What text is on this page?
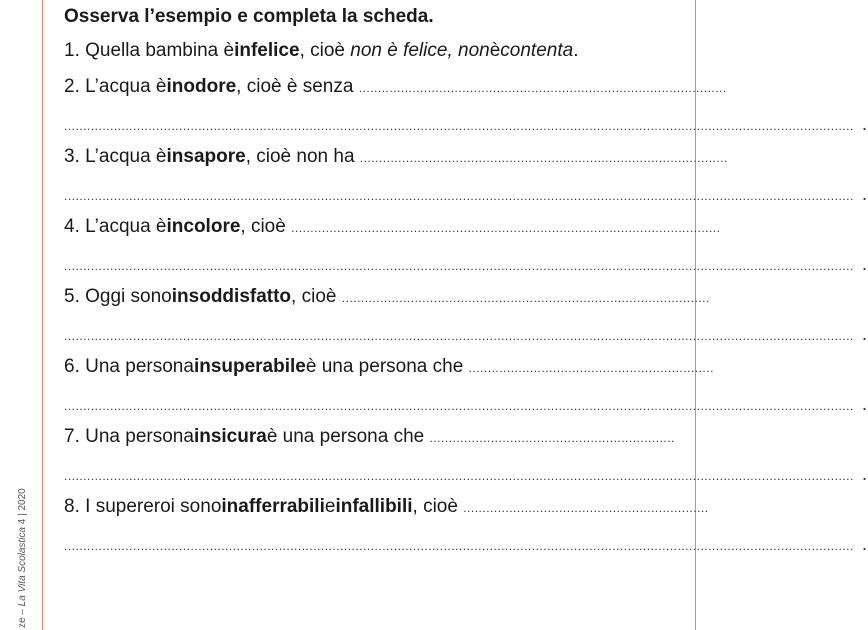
ze – La Vita Scolastica 4 | 2020
Osserva l’esempio e completa la scheda.
1.
Quella bambina è infelice , cioè
non è felice, non è contenta .
2.
L’acqua è inodore , cioè è senza
................................................................................................
.............................................................................................................................................................................................................. .
3.
L’acqua è insapore , cioè non ha
................................................................................................
.............................................................................................................................................................................................................. .
4.
L’acqua è incolore , cioè
................................................................................................................
.............................................................................................................................................................................................................. .
5.
Oggi sono insoddisfatto , cioè
................................................................................................
.............................................................................................................................................................................................................. .
6.
Una persona insuperabile è una persona che
................................................................
.............................................................................................................................................................................................................. .
7.
Una persona insicura è una persona che
................................................................
.............................................................................................................................................................................................................. .
8.
I supereroi sono inafferrabili e infallibili , cioè
................................................................
.............................................................................................................................................................................................................. .
